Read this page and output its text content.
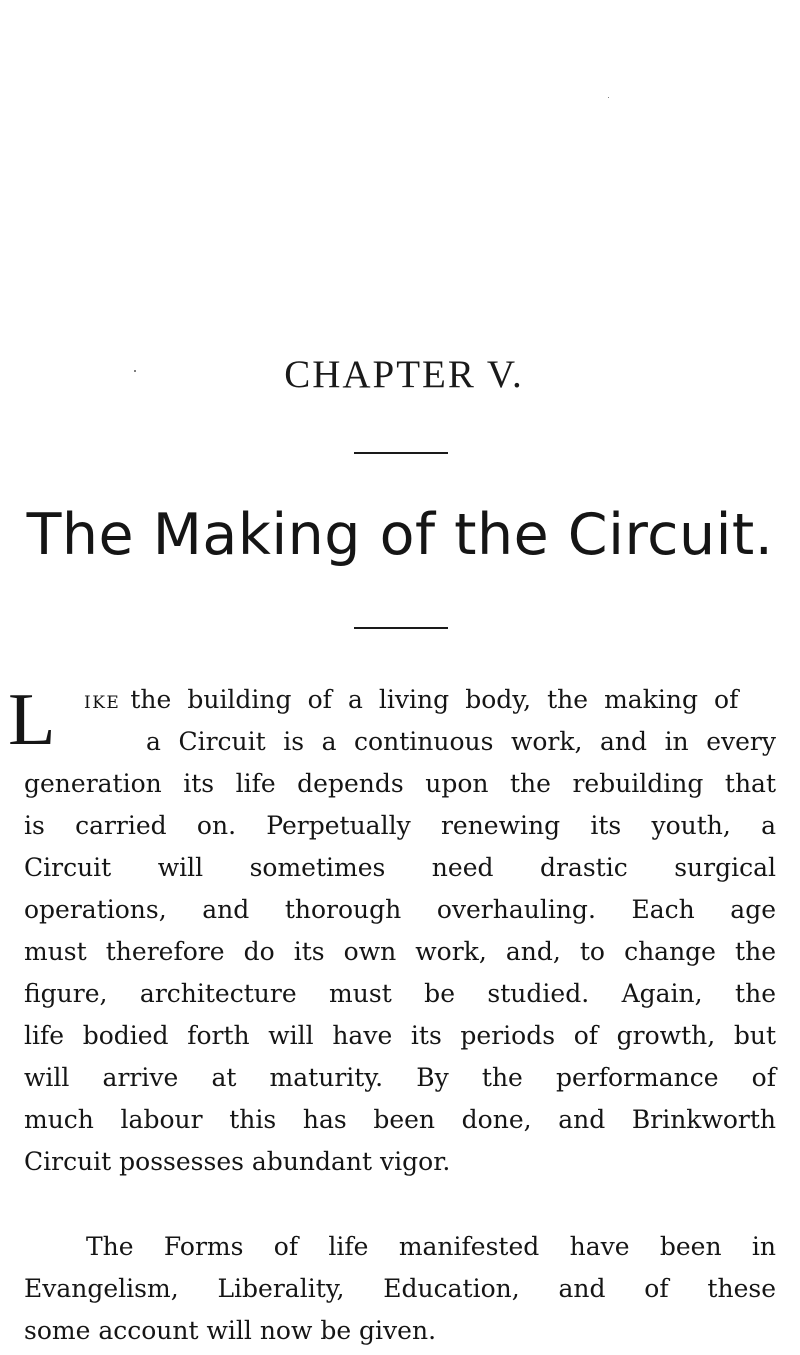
CHAPTER V.
The Making of the Circuit.
L	IKE the building of a living body, the making of
a Circuit is a continuous work, and in every
generation its life depends upon the rebuilding that
is carried on. Perpetually renewing its youth, a
Circuit will sometimes need drastic surgical
operations, and thorough overhauling. Each age
must therefore do its own work, and, to change the
figure, architecture must be studied. Again, the
life bodied forth will have its periods of growth, but
will arrive at maturity. By the performance of
much labour this has been done, and Brinkworth
Circuit possesses abundant vigor.
The Forms of life manifested have been in
Evangelism, Liberality, Education, and of these
some account will now be given.
